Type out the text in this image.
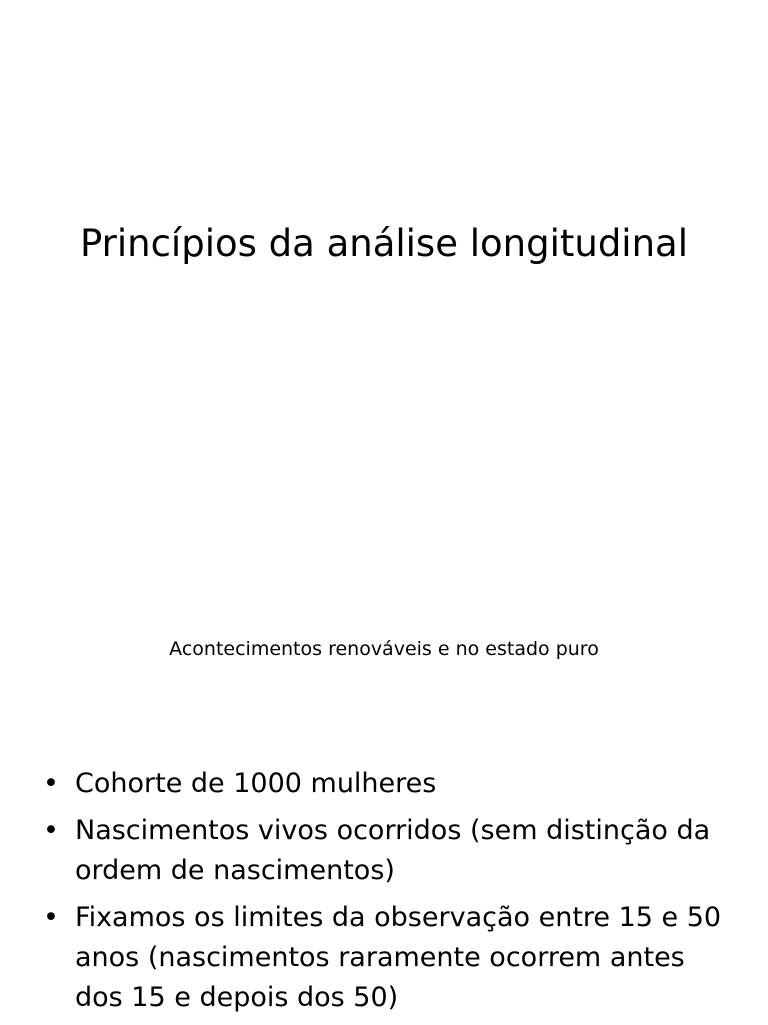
Princípios da análise longitudinal

Acontecimentos renováveis e no estado puro

• Cohorte de 1000 mulheres
• Nascimentos vivos ocorridos (sem distinção da ordem de nascimentos)
• Fixamos os limites da observação entre 15 e 50 anos (nascimentos raramente ocorrem antes dos 15 e depois dos 50)
